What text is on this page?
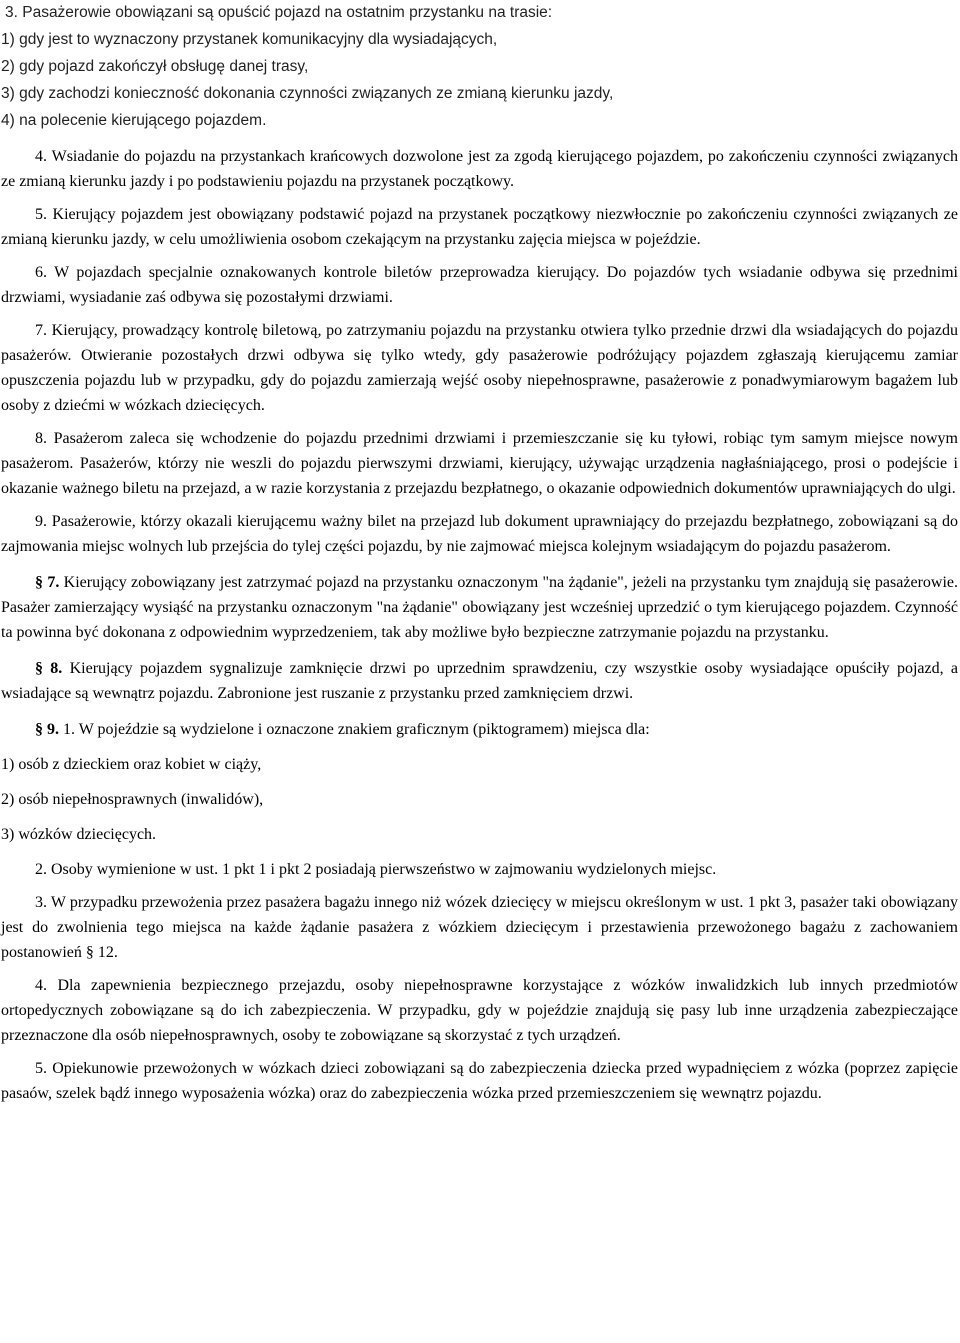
3. Pasażerowie obowiązani są opuścić pojazd na ostatnim przystanku na trasie:

1) gdy jest to wyznaczony przystanek komunikacyjny dla wysiadających,

2) gdy pojazd zakończył obsługę danej trasy,

3) gdy zachodzi konieczność dokonania czynności związanych ze zmianą kierunku jazdy,

4) na polecenie kierującego pojazdem.

4. Wsiadanie do pojazdu na przystankach krańcowych dozwolone jest za zgodą kierującego pojazdem, po zakończeniu czynności związanych ze zmianą kierunku jazdy i po podstawieniu pojazdu na przystanek początkowy.

5. Kierujący pojazdem jest obowiązany podstawić pojazd na przystanek początkowy niezwłocznie po zakończeniu czynności związanych ze zmianą kierunku jazdy, w celu umożliwienia osobom czekającym na przystanku zajęcia miejsca w pojeździe.

6. W pojazdach specjalnie oznakowanych kontrole biletów przeprowadza kierujący. Do pojazdów tych wsiadanie odbywa się przednimi drzwiami, wysiadanie zaś odbywa się pozostałymi drzwiami.

7. Kierujący, prowadzący kontrolę biletową, po zatrzymaniu pojazdu na przystanku otwiera tylko przednie drzwi dla wsiadających do pojazdu pasażerów. Otwieranie pozostałych drzwi odbywa się tylko wtedy, gdy pasażerowie podróżujący pojazdem zgłaszają kierującemu zamiar opuszczenia pojazdu lub w przypadku, gdy do pojazdu zamierzają wejść osoby niepełnosprawne, pasażerowie z ponadwymiarowym bagażem lub osoby z dziećmi w wózkach dziecięcych.

8. Pasażerom zaleca się wchodzenie do pojazdu przednimi drzwiami i przemieszczanie się ku tyłowi, robiąc tym samym miejsce nowym pasażerom. Pasażerów, którzy nie weszli do pojazdu pierwszymi drzwiami, kierujący, używając urządzenia nagłaśniającego, prosi o podejście i okazanie ważnego biletu na przejazd, a w razie korzystania z przejazdu bezpłatnego, o okazanie odpowiednich dokumentów uprawniających do ulgi.

9. Pasażerowie, którzy okazali kierującemu ważny bilet na przejazd lub dokument uprawniający do przejazdu bezpłatnego, zobowiązani są do zajmowania miejsc wolnych lub przejścia do tylej części pojazdu, by nie zajmować miejsca kolejnym wsiadającym do pojazdu pasażerom.

§ 7. Kierujący zobowiązany jest zatrzymać pojazd na przystanku oznaczonym "na żądanie", jeżeli na przystanku tym znajdują się pasażerowie. Pasażer zamierzający wysiąść na przystanku oznaczonym "na żądanie" obowiązany jest wcześniej uprzedzić o tym kierującego pojazdem. Czynność ta powinna być dokonana z odpowiednim wyprzedzeniem, tak aby możliwe było bezpieczne zatrzymanie pojazdu na przystanku.

§ 8. Kierujący pojazdem sygnalizuje zamknięcie drzwi po uprzednim sprawdzeniu, czy wszystkie osoby wysiadające opuściły pojazd, a wsiadające są wewnątrz pojazdu. Zabronione jest ruszanie z przystanku przed zamknięciem drzwi.

§ 9. 1. W pojeździe są wydzielone i oznaczone znakiem graficznym (piktogramem) miejsca dla:

1) osób z dzieckiem oraz kobiet w ciąży,

2) osób niepełnosprawnych (inwalidów),

3) wózków dziecięcych.

2. Osoby wymienione w ust. 1 pkt 1 i pkt 2 posiadają pierwszeństwo w zajmowaniu wydzielonych miejsc.

3. W przypadku przewożenia przez pasażera bagażu innego niż wózek dziecięcy w miejscu określonym w ust. 1 pkt 3, pasażer taki obowiązany jest do zwolnienia tego miejsca na każde żądanie pasażera z wózkiem dziecięcym i przestawienia przewożonego bagażu z zachowaniem postanowień § 12.

4. Dla zapewnienia bezpiecznego przejazdu, osoby niepełnosprawne korzystające z wózków inwalidzkich lub innych przedmiotów ortopedycznych zobowiązane są do ich zabezpieczenia. W przypadku, gdy w pojeździe znajdują się pasy lub inne urządzenia zabezpieczające przeznaczone dla osób niepełnosprawnych, osoby te zobowiązane są skorzystać z tych urządzeń.

5. Opiekunowie przewożonych w wózkach dzieci zobowiązani są do zabezpieczenia dziecka przed wypadnięciem z wózka (poprzez zapięcie pasaów, szelek bądź innego wyposażenia wózka) oraz do zabezpieczenia wózka przed przemieszczeniem się wewnątrz pojazdu.
